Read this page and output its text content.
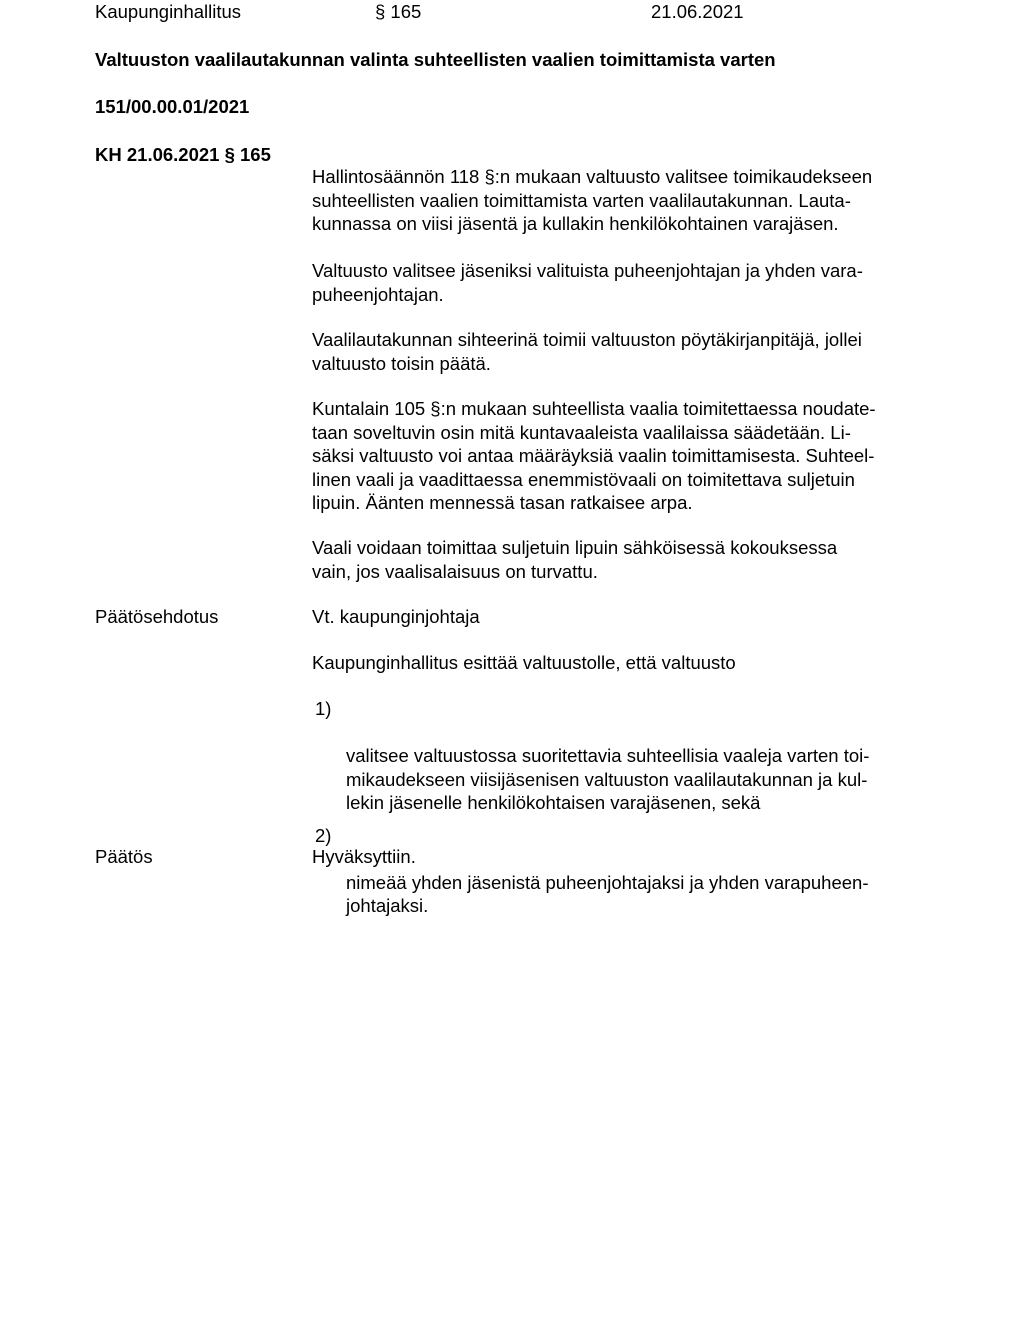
Kaupunginhallitus	§ 165	21.06.2021
Valtuuston vaalilautakunnan valinta suhteellisten vaalien toimittamista varten
151/00.00.01/2021
KH 21.06.2021 § 165
Hallintosäännön 118 §:n mukaan valtuusto valitsee toimikaudekseen
suhteellisten vaalien toimittamista varten vaalilautakunnan. Lauta-
kunnassa on viisi jäsentä ja kullakin henkilökohtainen varajäsen.
Valtuusto valitsee jäseniksi valituista puheenjohtajan ja yhden vara-
puheenjohtajan.
Vaalilautakunnan sihteerinä toimii valtuuston pöytäkirjanpitäjä, jollei
valtuusto toisin päätä.
Kuntalain 105 §:n mukaan suhteellista vaalia toimitettaessa noudate-
taan soveltuvin osin mitä kuntavaaleista vaalilaissa säädetään. Li-
säksi valtuusto voi antaa määräyksiä vaalin toimittamisesta. Suhteel-
linen vaali ja vaadittaessa enemmistövaali on toimitettava suljetuin
lipuin. Äänten mennessä tasan ratkaisee arpa.
Vaali voidaan toimittaa suljetuin lipuin sähköisessä kokouksessa
vain, jos vaalisalaisuus on turvattu.
Päätösehdotus	Vt. kaupunginjohtaja
Kaupunginhallitus esittää valtuustolle, että valtuusto

1)

valitsee valtuustossa suoritettavia suhteellisia vaaleja varten toi-
mikaudekseen viisijäsenisen valtuuston vaalilautakunnan ja kul-
lekin jäsenelle henkilökohtaisen varajäsenen, sekä

2)

nimeää yhden jäsenistä puheenjohtajaksi ja yhden varapuheen-
johtajaksi.

Päätös	Hyväksyttiin.
